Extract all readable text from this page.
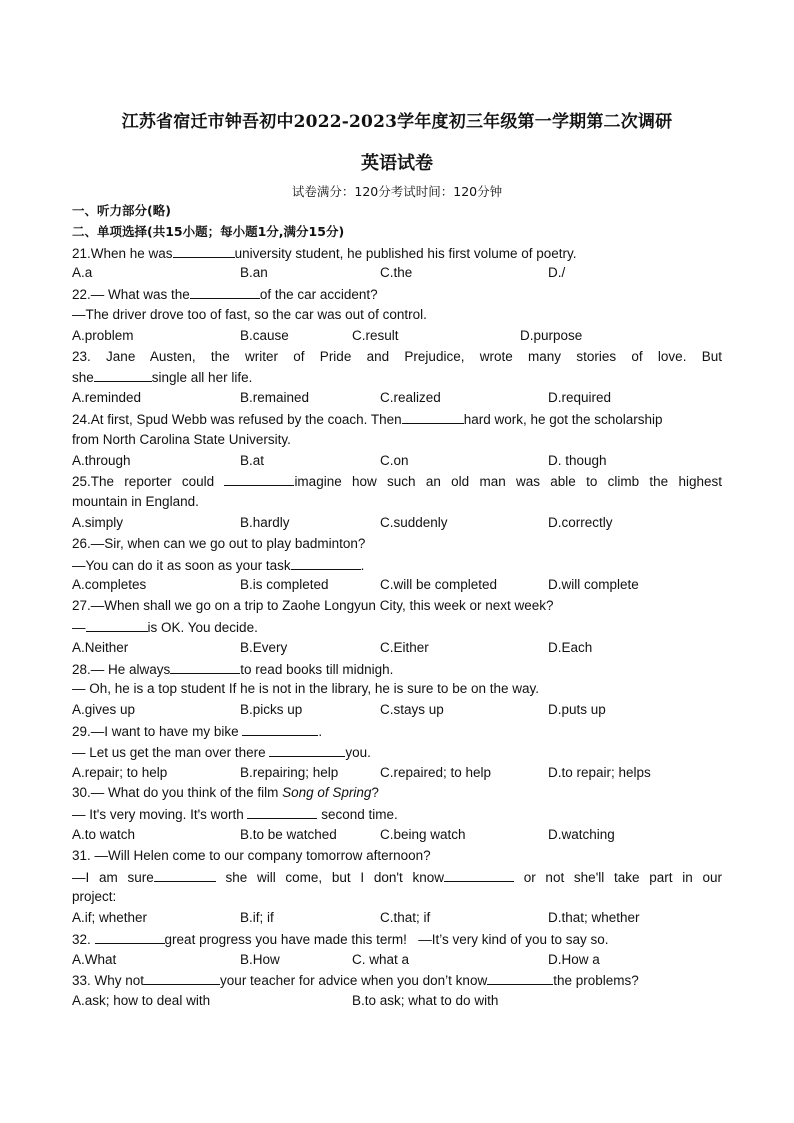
江苏省宿迁市钟吾初中2022-2023学年度初三年级第一学期第二次调研
英语试卷
试卷满分：120分考试时间：120分钟
一、听力部分(略)
二、单项选择(共15小题；每小题1分,满分15分)
21.When he was	university student, he published his first volume of poetry.
A.a	B.an	C.the	D./
22.— What was the	of the car accident?
—The driver drove too of fast, so the car was out of control.
A.problem	B.cause	C.result	D.purpose
23. Jane Austen, the writer of Pride and Prejudice, wrote many stories of love. But
she	single all her life.
A.reminded	B.remained	C.realized	D.required
24.At first, Spud Webb was refused by the coach. Then	hard work, he got the scholarship
from North Carolina State University.
A.through	B.at	C.on	D. though
25.The reporter could	imagine how such an old man was able to climb the highest
mountain in England.
A.simply	B.hardly	C.suddenly	D.correctly
26.—Sir, when can we go out to play badminton?
—You can do it as soon as your task	.
A.completes	B.is completed	C.will be completed	D.will complete
27.—When shall we go on a trip to Zaohe Longyun City, this week or next week?
—	is OK. You decide.
A.Neither	B.Every	C.Either	D.Each
28.— He always	to read books till midnigh.
— Oh, he is a top student If he is not in the library, he is sure to be on the way.
A.gives up	B.picks up	C.stays up	D.puts up
29.—I want to have my bike	.
— Let us get the man over there	you.
A.repair; to help	B.repairing; help	C.repaired; to help	D.to repair; helps
30.— What do you think of the film Song of Spring?
— It's very moving. It's worth	second time.
A.to watch	B.to be watched	C.being watch	D.watching
31. —Will Helen come to our company tomorrow afternoon?
—I am sure	she will come, but I don't know	or not she'll take part in our
project:
A.if; whether	B.if; if	C.that; if	D.that; whether
32.	great progress you have made this term! —It’s very kind of you to say so.
A.What	B.How	C. what a	D.How a
33. Why not	your teacher for advice when you don’t know	the problems?
A.ask; how to deal with	B.to ask; what to do with
